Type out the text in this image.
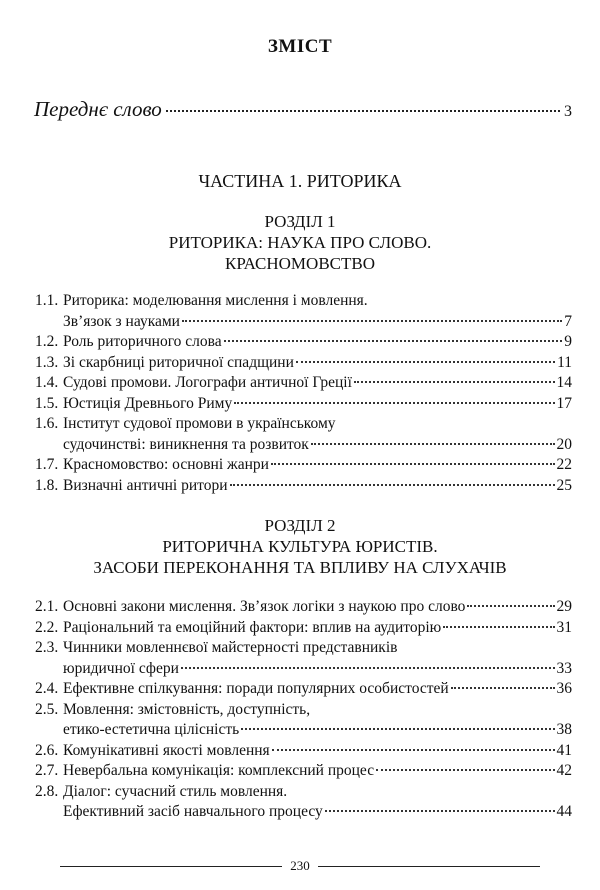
ЗМІСТ
Переднє слово	3
ЧАСТИНА 1. РИТОРИКА
РОЗДІЛ 1
РИТОРИКА: НАУКА ПРО СЛОВО.
КРАСНОМОВСТВО
1.1. Риторика: моделювання мислення і мовлення.
Зв’язок з науками	7
1.2. Роль риторичного слова	9
1.3. Зі скарбниці риторичної спадщини	11
1.4. Судові промови. Логографи античної Греції	14
1.5. Юстиція Древнього Риму	17
1.6. Інститут судової промови в українському
судочинстві: виникнення та розвиток	20
1.7. Красномовство: основні жанри	22
1.8. Визначні античні ритори	25
РОЗДІЛ 2
РИТОРИЧНА КУЛЬТУРА ЮРИСТІВ.
ЗАСОБИ ПЕРЕКОНАННЯ ТА ВПЛИВУ НА СЛУХАЧІВ
2.1. Основні закони мислення. Зв’язок логіки з наукою про слово	29
2.2. Раціональний та емоційний фактори: вплив на аудиторію	31
2.3. Чинники мовленнєвої майстерності представників
юридичної сфери	33
2.4. Ефективне спілкування: поради популярних особистостей	36
2.5. Мовлення: змістовність, доступність,
етико-естетична цілісність	38
2.6. Комунікативні якості мовлення	41
2.7. Невербальна комунікація: комплексний процес	42
2.8. Діалог: сучасний стиль мовлення.
Ефективний засіб навчального процесу	44
230
